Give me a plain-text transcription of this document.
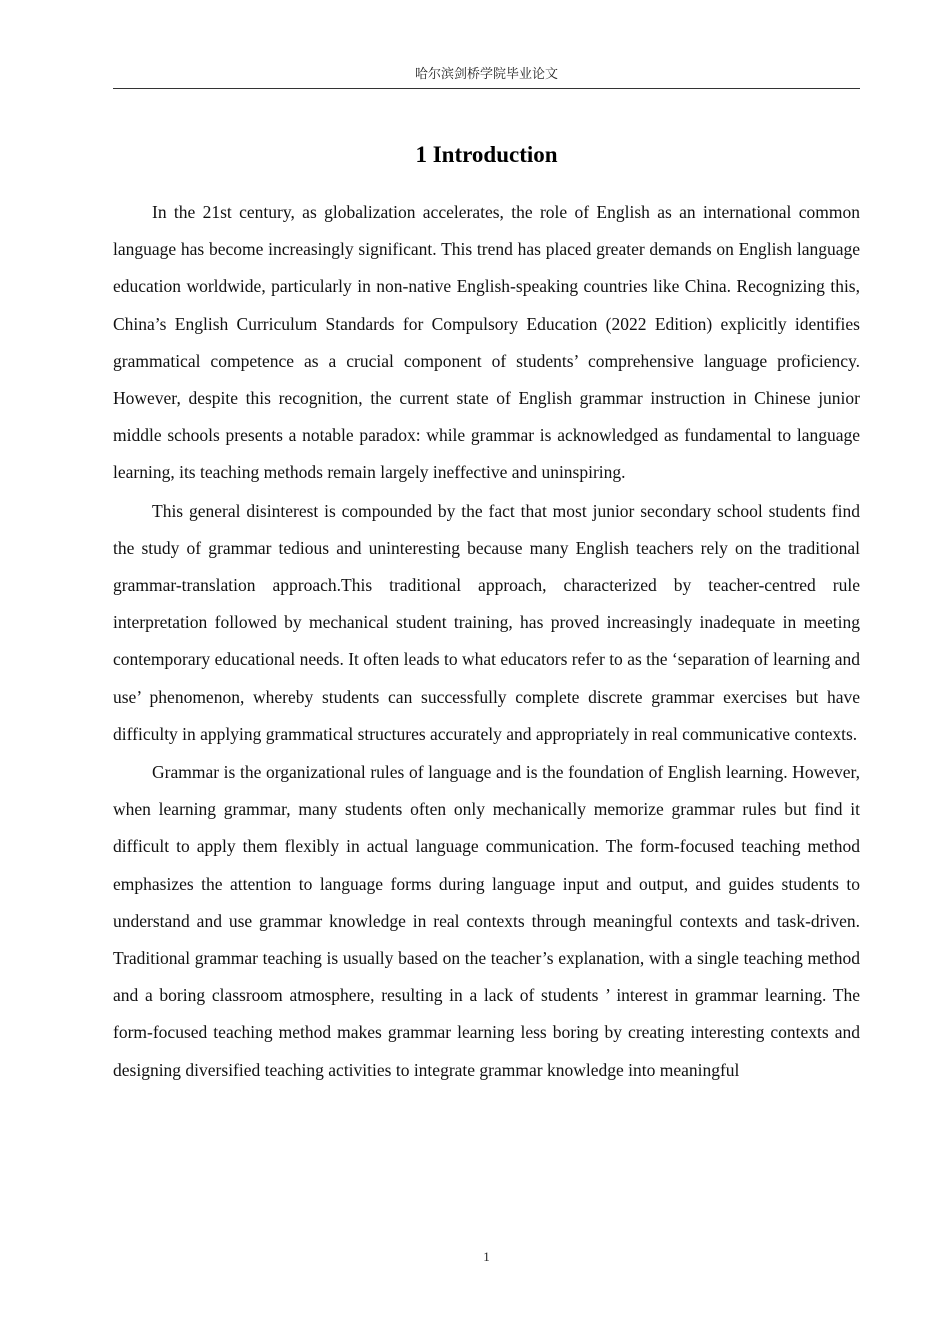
哈尔滨剑桥学院毕业论文
1 Introduction

In the 21st century, as globalization accelerates, the role of English as an international common language has become increasingly significant. This trend has placed greater demands on English language education worldwide, particularly in non-native English-speaking countries like China. Recognizing this, China’s English Curriculum Standards for Compulsory Education (2022 Edition) explicitly identifies grammatical competence as a crucial component of students’ comprehensive language proficiency. However, despite this recognition, the current state of English grammar instruction in Chinese junior middle schools presents a notable paradox: while grammar is acknowledged as fundamental to language learning, its teaching methods remain largely ineffective and uninspiring.

This general disinterest is compounded by the fact that most junior secondary school students find the study of grammar tedious and uninteresting because many English teachers rely on the traditional grammar-translation approach.This traditional approach, characterized by teacher-centred rule interpretation followed by mechanical student training, has proved increasingly inadequate in meeting contemporary educational needs. It often leads to what educators refer to as the ‘separation of learning and use’ phenomenon, whereby students can successfully complete discrete grammar exercises but have difficulty in applying grammatical structures accurately and appropriately in real communicative contexts.

Grammar is the organizational rules of language and is the foundation of English learning. However, when learning grammar, many students often only mechanically memorize grammar rules but find it difficult to apply them flexibly in actual language communication. The form-focused teaching method emphasizes the attention to language forms during language input and output, and guides students to understand and use grammar knowledge in real contexts through meaningful contexts and task-driven. Traditional grammar teaching is usually based on the teacher’s explanation, with a single teaching method and a boring classroom atmosphere, resulting in a lack of students ’ interest in grammar learning. The form-focused teaching method makes grammar learning less boring by creating interesting contexts and designing diversified teaching activities to integrate grammar knowledge into meaningful

1
